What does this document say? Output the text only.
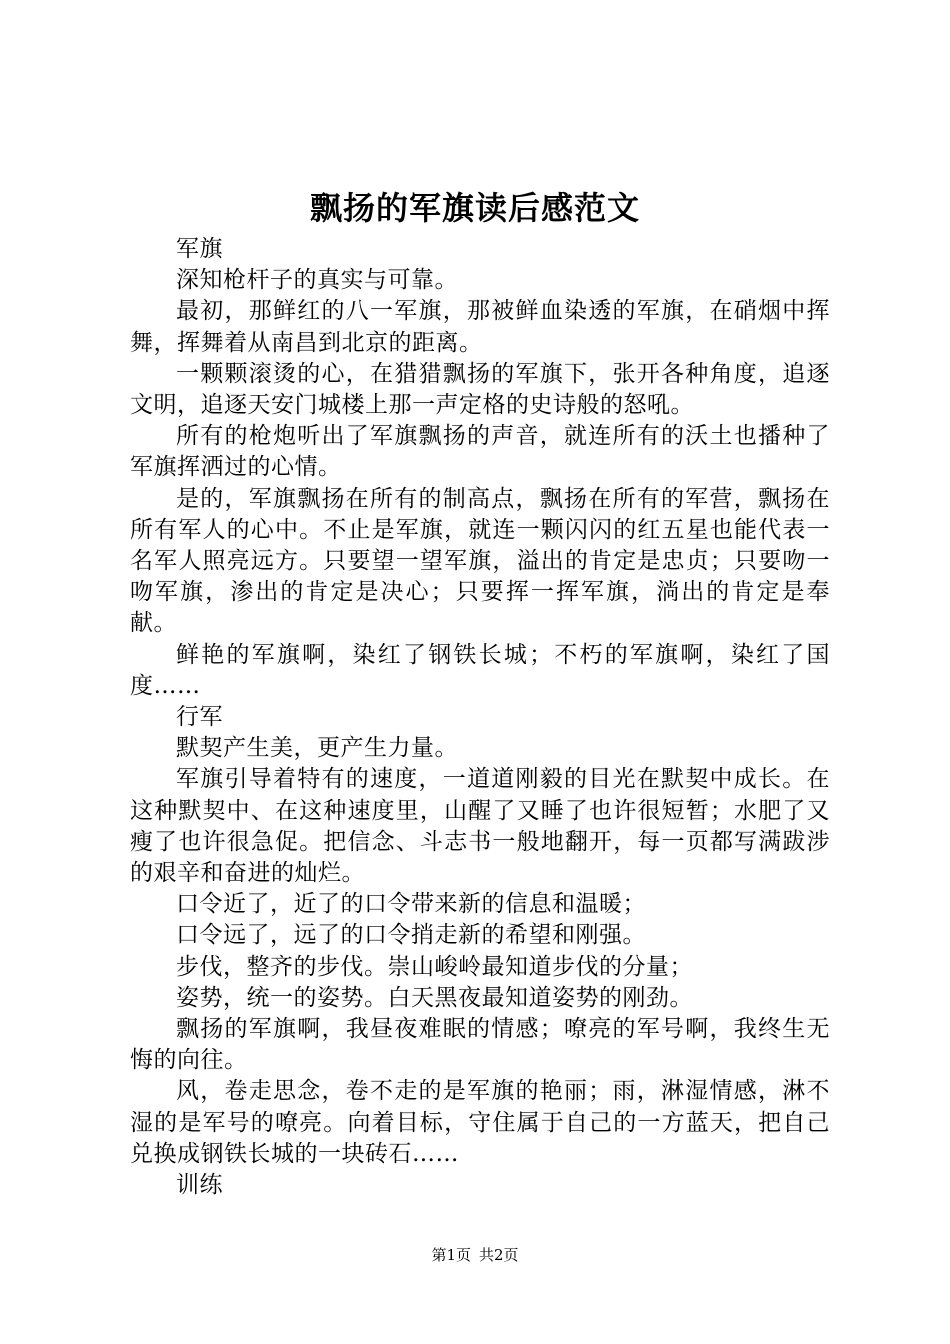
飘扬的军旗读后感范文

军旗

深知枪杆子的真实与可靠。

最初，那鲜红的八一军旗，那被鲜血染透的军旗，在硝烟中挥舞，挥舞着从南昌到北京的距离。

一颗颗滚烫的心，在猎猎飘扬的军旗下，张开各种角度，追逐文明，追逐天安门城楼上那一声定格的史诗般的怒吼。

所有的枪炮听出了军旗飘扬的声音，就连所有的沃土也播种了军旗挥洒过的心情。

是的，军旗飘扬在所有的制高点，飘扬在所有的军营，飘扬在所有军人的心中。不止是军旗，就连一颗闪闪的红五星也能代表一名军人照亮远方。只要望一望军旗，溢出的肯定是忠贞；只要吻一吻军旗，渗出的肯定是决心；只要挥一挥军旗，淌出的肯定是奉献。

鲜艳的军旗啊，染红了钢铁长城；不朽的军旗啊，染红了国度……

行军

默契产生美，更产生力量。

军旗引导着特有的速度，一道道刚毅的目光在默契中成长。在这种默契中、在这种速度里，山醒了又睡了也许很短暂；水肥了又瘦了也许很急促。把信念、斗志书一般地翻开，每一页都写满跋涉的艰辛和奋进的灿烂。

口令近了，近了的口令带来新的信息和温暖；

口令远了，远了的口令捎走新的希望和刚强。

步伐，整齐的步伐。崇山峻岭最知道步伐的分量；

姿势，统一的姿势。白天黑夜最知道姿势的刚劲。

飘扬的军旗啊，我昼夜难眠的情感；嘹亮的军号啊，我终生无悔的向往。

风，卷走思念，卷不走的是军旗的艳丽；雨，淋湿情感，淋不湿的是军号的嘹亮。向着目标，守住属于自己的一方蓝天，把自己兑换成钢铁长城的一块砖石……

训练

第1页 共2页
